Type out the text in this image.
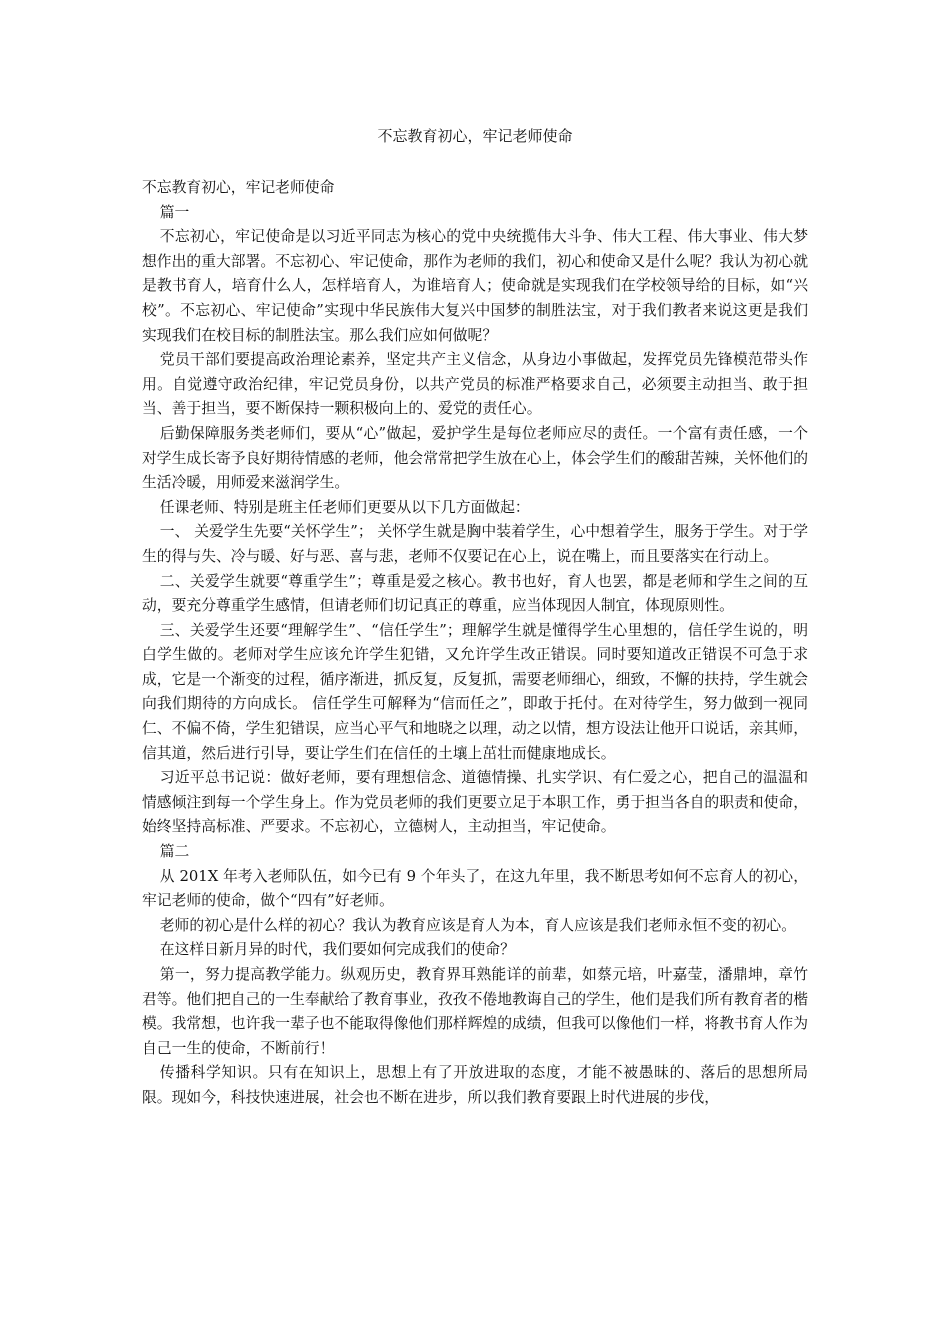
不忘教育初心，牢记老师使命

不忘教育初心，牢记老师使命

篇一

不忘初心，牢记使命是以习近平同志为核心的党中央统揽伟大斗争、伟大工程、伟大事业、伟大梦想作出的重大部署。不忘初心、牢记使命，那作为老师的我们，初心和使命又是什么呢？我认为初心就是教书育人，培育什么人，怎样培育人，为谁培育人；使命就是实现我们在学校领导给的目标，如“兴校”。不忘初心、牢记使命”实现中华民族伟大复兴中国梦的制胜法宝，对于我们教者来说这更是我们实现我们在校目标的制胜法宝。那么我们应如何做呢？

党员干部们要提高政治理论素养，坚定共产主义信念，从身边小事做起，发挥党员先锋模范带头作用。自觉遵守政治纪律，牢记党员身份，以共产党员的标准严格要求自己，必须要主动担当、敢于担当、善于担当，要不断保持一颗积极向上的、爱党的责任心。

后勤保障服务类老师们，要从“心”做起，爱护学生是每位老师应尽的责任。一个富有责任感，一个对学生成长寄予良好期待情感的老师，他会常常把学生放在心上，体会学生们的酸甜苦辣，关怀他们的生活冷暖，用师爱来滋润学生。

任课老师、特别是班主任老师们更要从以下几方面做起：

一、 关爱学生先要“关怀学生”； 关怀学生就是胸中装着学生，心中想着学生，服务于学生。对于学生的得与失、冷与暖、好与恶、喜与悲，老师不仅要记在心上，说在嘴上，而且要落实在行动上。

二、关爱学生就要“尊重学生”；尊重是爱之核心。教书也好，育人也罢，都是老师和学生之间的互动，要充分尊重学生感情，但请老师们切记真正的尊重，应当体现因人制宜，体现原则性。

三、关爱学生还要“理解学生”、“信任学生”；理解学生就是懂得学生心里想的，信任学生说的，明白学生做的。老师对学生应该允许学生犯错，又允许学生改正错误。同时要知道改正错误不可急于求成，它是一个渐变的过程，循序渐进，抓反复，反复抓，需要老师细心，细致，不懈的扶持，学生就会向我们期待的方向成长。 信任学生可解释为“信而任之”，即敢于托付。在对待学生，努力做到一视同仁、不偏不倚，学生犯错误，应当心平气和地晓之以理，动之以情，想方设法让他开口说话，亲其师，信其道，然后进行引导，要让学生们在信任的土壤上茁壮而健康地成长。

习近平总书记说：做好老师，要有理想信念、道德情操、扎实学识、有仁爱之心，把自己的温温和情感倾注到每一个学生身上。作为党员老师的我们更要立足于本职工作，勇于担当各自的职责和使命，始终坚持高标准、严要求。不忘初心，立德树人，主动担当，牢记使命。

篇二

从 201X 年考入老师队伍，如今已有 9 个年头了，在这九年里，我不断思考如何不忘育人的初心，牢记老师的使命，做个“四有”好老师。

老师的初心是什么样的初心？我认为教育应该是育人为本，育人应该是我们老师永恒不变的初心。

在这样日新月异的时代，我们要如何完成我们的使命？

第一，努力提高教学能力。纵观历史，教育界耳熟能详的前辈，如蔡元培，叶嘉莹，潘鼎坤，章竹君等。他们把自己的一生奉献给了教育事业，孜孜不倦地教诲自己的学生，他们是我们所有教育者的楷模。我常想，也许我一辈子也不能取得像他们那样辉煌的成绩，但我可以像他们一样，将教书育人作为自己一生的使命，不断前行！

传播科学知识。只有在知识上，思想上有了开放进取的态度，才能不被愚昧的、落后的思想所局限。现如今，科技快速进展，社会也不断在进步，所以我们教育要跟上时代进展的步伐，
